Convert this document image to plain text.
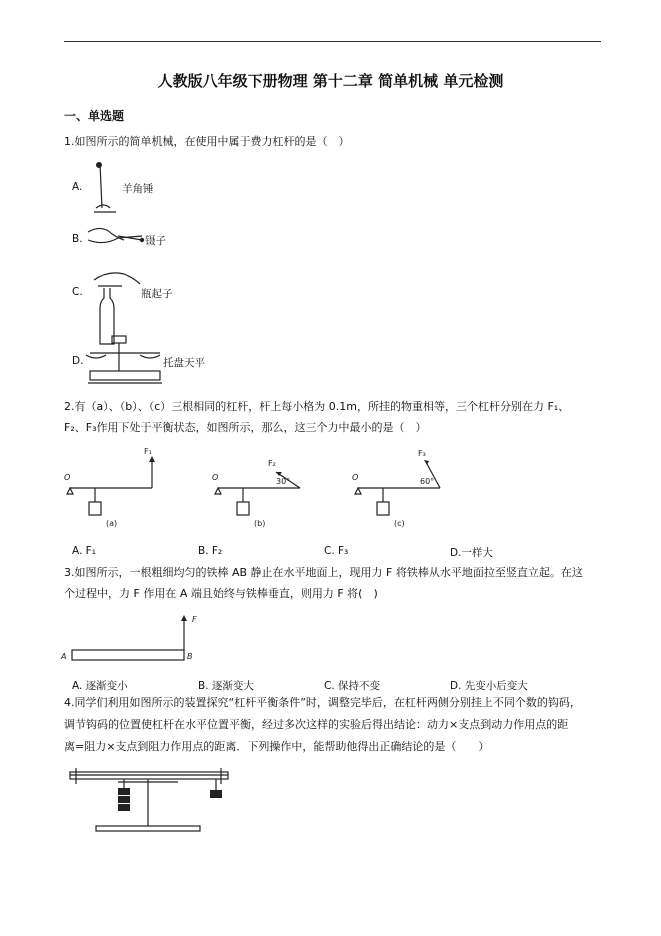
人教版八年级下册物理 第十二章 简单机械 单元检测
一、单选题
1.如图所示的简单机械，在使用中属于费力杠杆的是（　）
A.	羊角锤
B.	镊子
C.	瓶起子
D.	托盘天平
2.有（a）、（b）、（c）三根相同的杠杆，杆上每小格为 0.1m，所挂的物重相等，三个杠杆分别在力 F₁、
F₂、F₃作用下处于平衡状态，如图所示，那么，这三个力中最小的是（　）
O
F₁
(a)
O
F₂
30°
(b)
O
F₃
60°
(c)
A. F₁	B. F₂	C. F₃	D.一样大
3.如图所示，一根粗细均匀的铁棒 AB 静止在水平地面上，现用力 F 将铁棒从水平地面拉至竖直立起。在这
个过程中，力 F 作用在 A 端且始终与铁棒垂直，则用力 F 将(　)
A	B
F
A. 逐渐变小	B. 逐渐变大	C. 保持不变	D. 先变小后变大
4.同学们利用如图所示的装置探究“杠杆平衡条件”时，调整完毕后，在杠杆两侧分别挂上不同个数的钩码，
调节钩码的位置使杠杆在水平位置平衡，经过多次这样的实验后得出结论：动力×支点到动力作用点的距
离=阻力×支点到阻力作用点的距离．下列操作中，能帮助他得出正确结论的是（　　）
